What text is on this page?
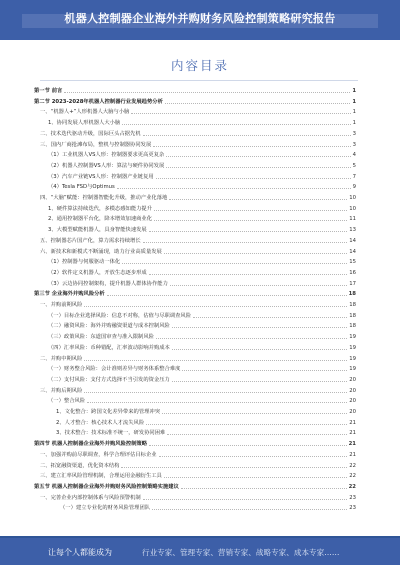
机器人控制器企业海外并购财务风险控制策略研究报告
内容目录
第一节 前言	1
第二节 2023-2028年机器人控制器行业发展趋势分析	1
一、“机器人+”人形机器人大脑与小脑	1
1、协同发展人形机器人大小脑	1
二、技术迭代驱动升级，国际巨头占据先机	3
三、国内厂商抢滩布局，整机与控制器协同发展	3
（1）工业机器人VS人形：控制器要求更高更复杂	4
（2）机器人控制器VS人形：算法与硬件协同发展	5
（3）汽车产业链VS人形：控制器产业链复用	7
（4）Tesla FSD与Optimus	9
四、“大脑”赋能：控制器智能化升级，推动产业化落地	10
1、硬件算法持续迭代，多模态感知能力提升	10
2、通用控制器平台化，降本增效加速商业化	11
3、大模型赋能机器人，具身智能快速发展	13
五、控制器芯片国产化，算力需求持续增长	14
六、新技术和新模式不断涌现，助力行业高质量发展	14
（1）控制器与伺服驱动一体化	15
（2）软件定义机器人，开放生态逐步形成	16
（3）云边协同控制架构，提升机器人群体协作能力	17
第三节 企业海外并购风险分析	18
一、并购前期风险	18
（一）目标企业选择风险：信息不对称，估值与尽职调查风险	18
（二）融资风险：海外并购融资渠道与成本控制风险	18
（三）政策风险：东道国审查与准入限制风险	19
（四）汇率风险：币种错配，汇率波动影响并购成本	19
二、并购中期风险	19
（一）财务整合风险：会计准则差异与财务体系整合难度	19
（二）支付风险：支付方式选择不当引发的资金压力	20
三、并购后期风险	20
（一）整合风险	20
1、文化整合：跨国文化差异带来的管理冲突	20
2、人才整合：核心技术人才流失风险	21
3、技术整合：技术标准不统一，研发协同困难	21
第四节 机器人控制器企业海外并购风险控制策略	21
一、加强并购前尽职调查，科学合理评估目标企业	21
二、拓宽融资渠道，优化资本结构	22
三、建立汇率风险管理机制，合理运用金融衍生工具	22
第五节 机器人控制器企业海外并购财务风险控制策略实施建议	22
一、完善企业内部控制体系与风险预警机制	23
（一）建立专业化的财务风险管理团队	23
让每个人都能成为	行业专家、管理专家、营销专家、战略专家、成本专家……
